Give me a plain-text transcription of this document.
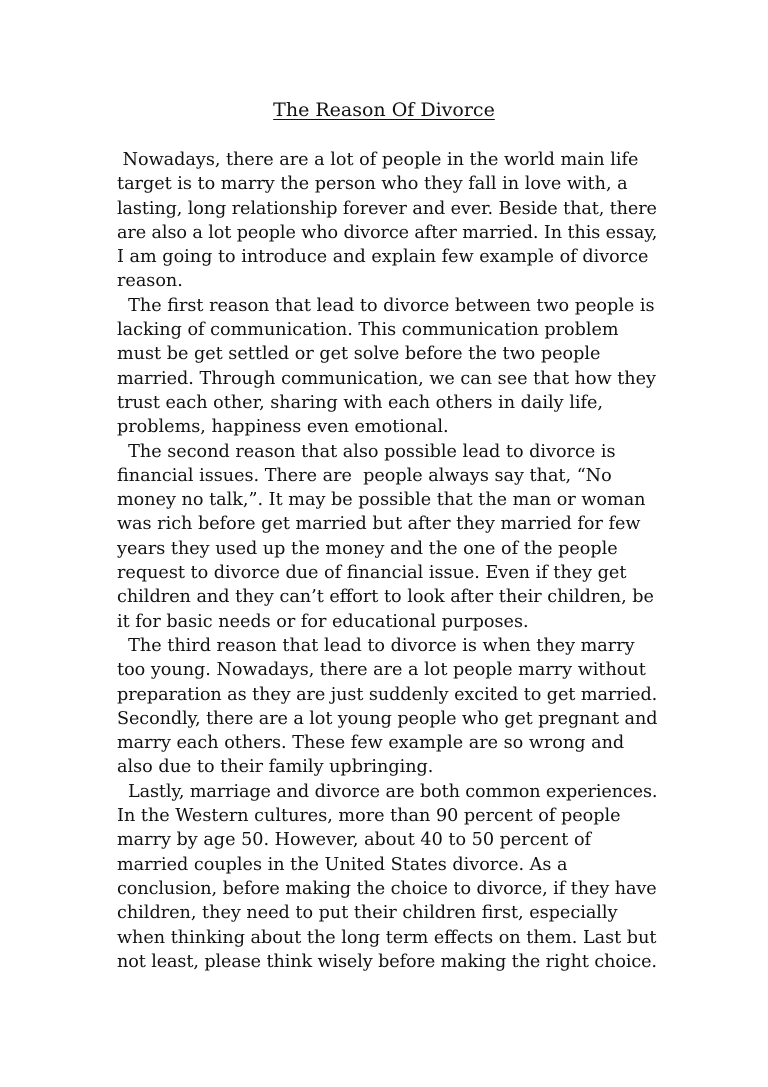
The Reason Of Divorce
Nowadays, there are a lot of people in the world main life
target is to marry the person who they fall in love with, a
lasting, long relationship forever and ever. Beside that, there
are also a lot people who divorce after married. In this essay,
I am going to introduce and explain few example of divorce
reason.
The first reason that lead to divorce between two people is
lacking of communication. This communication problem
must be get settled or get solve before the two people
married. Through communication, we can see that how they
trust each other, sharing with each others in daily life,
problems, happiness even emotional.
The second reason that also possible lead to divorce is
financial issues. There are  people always say that, “No
money no talk,”. It may be possible that the man or woman
was rich before get married but after they married for few
years they used up the money and the one of the people
request to divorce due of financial issue. Even if they get
children and they can’t effort to look after their children, be
it for basic needs or for educational purposes.
The third reason that lead to divorce is when they marry
too young. Nowadays, there are a lot people marry without
preparation as they are just suddenly excited to get married.
Secondly, there are a lot young people who get pregnant and
marry each others. These few example are so wrong and
also due to their family upbringing.
Lastly, marriage and divorce are both common experiences.
In the Western cultures, more than 90 percent of people
marry by age 50. However, about 40 to 50 percent of
married couples in the United States divorce. As a
conclusion, before making the choice to divorce, if they have
children, they need to put their children first, especially
when thinking about the long term effects on them. Last but
not least, please think wisely before making the right choice.
